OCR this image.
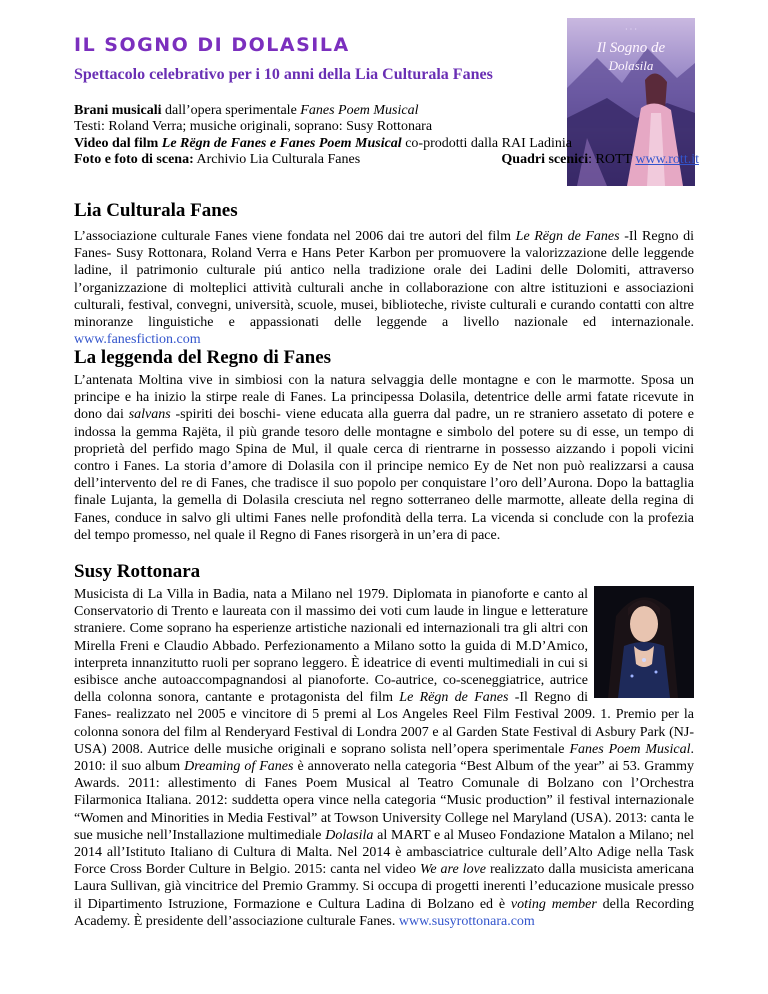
IL SOGNO DI DOLASILA
Spettacolo celebrativo per i 10 anni della Lia Culturala Fanes
· · ·
Il Sogno de
Dolasila

Brani musicali dall’opera sperimentale Fanes Poem Musical

Testi: Roland Verra; musiche originali, soprano: Susy Rottonara

Video dal film Le Rëgn de Fanes e Fanes Poem Musical co-prodotti dalla RAI Ladinia

Foto e foto di scena: Archivio Lia Culturala Fanes	Quadri scenici: ROTT www.rott.it

Lia Culturala Fanes

L’associazione culturale Fanes viene fondata nel 2006 dai tre autori del film Le Rëgn de Fanes -Il Regno di Fanes- Susy Rottonara, Roland Verra e Hans Peter Karbon per promuovere la valorizzazione delle leggende ladine, il patrimonio culturale piú antico nella tradizione orale dei Ladini delle Dolomiti, attraverso l’organizzazione di molteplici attività culturali anche in collaborazione con altre istituzioni e associazioni culturali, festival, convegni, università, scuole, musei, biblioteche, riviste culturali e curando contatti con altre minoranze linguistiche e appassionati delle leggende a livello nazionale ed internazionale. www.fanesfiction.com

La leggenda del Regno di Fanes

L’antenata Moltina vive in simbiosi con la natura selvaggia delle montagne e con le marmotte. Sposa un principe e ha inizio la stirpe reale di Fanes. La principessa Dolasila, detentrice delle armi fatate ricevute in dono dai salvans -spiriti dei boschi- viene educata alla guerra dal padre, un re straniero assetato di potere e indossa la gemma Rajëta, il più grande tesoro delle montagne e simbolo del potere su di esse, un tempo di proprietà del perfido mago Spina de Mul, il quale cerca di rientrarne in possesso aizzando i popoli vicini contro i Fanes. La storia d’amore di Dolasila con il principe nemico Ey de Net non può realizzarsi a causa dell’intervento del re di Fanes, che tradisce il suo popolo per conquistare l’oro dell’Aurona. Dopo la battaglia finale Lujanta, la gemella di Dolasila cresciuta nel regno sotterraneo delle marmotte, alleate della regina di Fanes, conduce in salvo gli ultimi Fanes nelle profondità della terra. La vicenda si conclude con la profezia del tempo promesso, nel quale il Regno di Fanes risorgerà in un’era di pace.

Susy Rottonara
Musicista di La Villa in Badia, nata a Milano nel 1979. Diplomata in pianoforte e canto al Conservatorio di Trento e laureata con il massimo dei voti cum laude in lingue e letterature straniere. Come soprano ha esperienze artistiche nazionali ed internazionali tra gli altri con Mirella Freni e Claudio Abbado. Perfezionamento a Milano sotto la guida di M.D’Amico, interpreta innanzitutto ruoli per soprano leggero. È ideatrice di eventi multimediali in cui si esibisce anche autoaccompagnandosi al pianoforte. Co-autrice, co-sceneggiatrice, autrice della colonna sonora, cantante e protagonista del film Le Rëgn de Fanes -Il Regno di Fanes- realizzato nel 2005 e vincitore di 5 premi al Los Angeles Reel Film Festival 2009. 1. Premio per la colonna sonora del film al Renderyard Festival di Londra 2007 e al Garden State Festival di Asbury Park (NJ-USA) 2008. Autrice delle musiche originali e soprano solista nell’opera sperimentale Fanes Poem Musical. 2010: il suo album Dreaming of Fanes è annoverato nella categoria “Best Album of the year” ai 53. Grammy Awards. 2011: allestimento di Fanes Poem Musical al Teatro Comunale di Bolzano con l’Orchestra Filarmonica Italiana. 2012: suddetta opera vince nella categoria “Music production” il festival internazionale “Women and Minorities in Media Festival” at Towson University College nel Maryland (USA). 2013: canta le sue musiche nell’Installazione multimediale Dolasila al MART e al Museo Fondazione Matalon a Milano; nel 2014 all’Istituto Italiano di Cultura di Malta. Nel 2014 è ambasciatrice culturale dell’Alto Adige nella Task Force Cross Border Culture in Belgio. 2015: canta nel video We are love realizzato dalla musicista americana Laura Sullivan, già vincitrice del Premio Grammy. Si occupa di progetti inerenti l’educazione musicale presso il Dipartimento Istruzione, Formazione e Cultura Ladina di Bolzano ed è voting member della Recording Academy. È presidente dell’associazione culturale Fanes. www.susyrottonara.com
